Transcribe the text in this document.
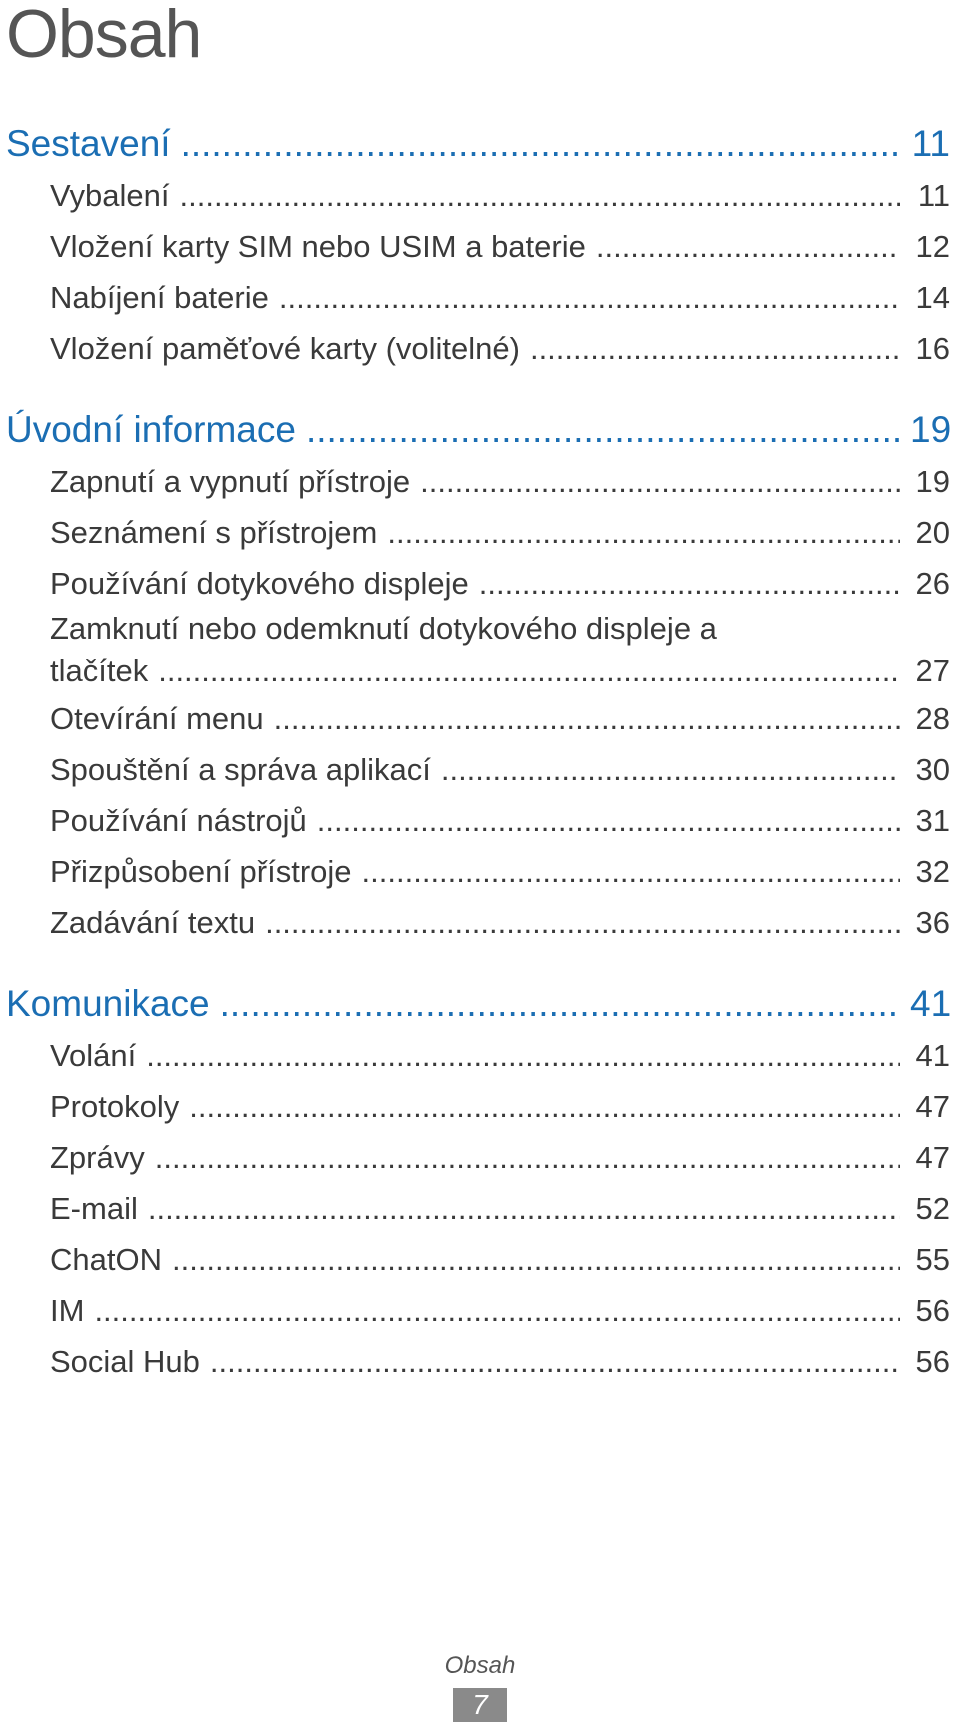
Obsah
Sestavení .....	11
Vybalení .....	11
Vložení karty SIM nebo USIM a baterie .....	12
Nabíjení baterie .....	14
Vložení paměťové karty (volitelné) .....	16
Úvodní informace .....	19
Zapnutí a vypnutí přístroje .....	19
Seznámení s přístrojem .....	20
Používání dotykového displeje .....	26
Zamknutí nebo odemknutí dotykového displeje a
tlačítek .....	27
Otevírání menu .....	28
Spouštění a správa aplikací .....	30
Používání nástrojů .....	31
Přizpůsobení přístroje .....	32
Zadávání textu .....	36
Komunikace .....	41
Volání .....	41
Protokoly .....	47
Zprávy .....	47
E-mail .....	52
ChatON .....	55
IM .....	56
Social Hub .....	56
Obsah
7
